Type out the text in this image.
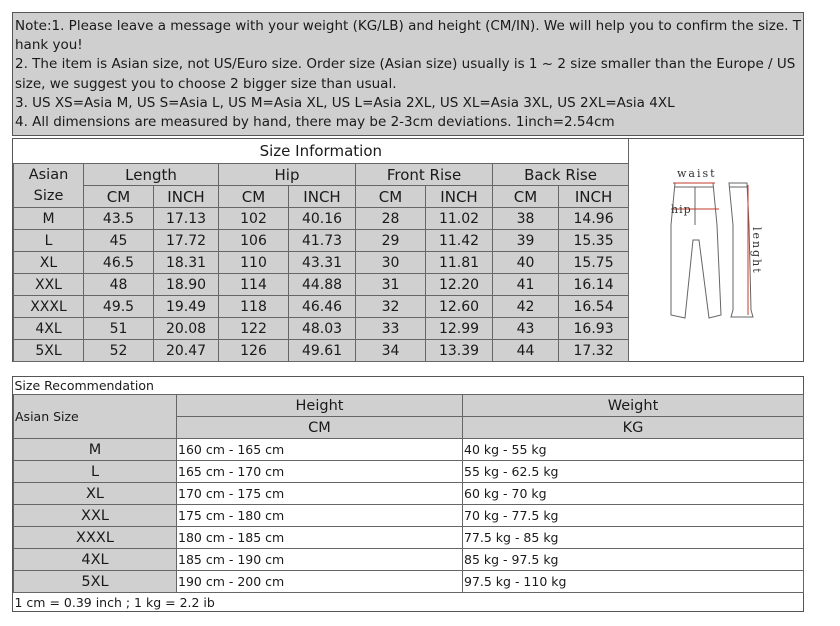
Note:1. Please leave a message with your weight (KG/LB) and height (CM/IN). We will help you to confirm the size. Thank you!

2. The item is Asian size, not US/Euro size. Order size (Asian size) usually is 1 ~ 2 size smaller than the Europe / US size, we suggest you to choose 2 bigger size than usual.

3. US XS=Asia M, US S=Asia L, US M=Asia XL, US L=Asia 2XL, US XL=Asia 3XL, US 2XL=Asia 4XL

4. All dimensions are measured by hand, there may be 2-3cm deviations. 1inch=2.54cm

Size Information								
Asian Size	Length		Hip		Front Rise		Back Rise	
	CM	INCH	CM	INCH	CM	INCH	CM	INCH
M	43.5	17.13	102	40.16	28	11.02	38	14.96
L	45	17.72	106	41.73	29	11.42	39	15.35
XL	46.5	18.31	110	43.31	30	11.81	40	15.75
XXL	48	18.90	114	44.88	31	12.20	41	16.14
XXXL	49.5	19.49	118	46.46	32	12.60	42	16.54
4XL	51	20.08	122	48.03	33	12.99	43	16.93
5XL	52	20.47	126	49.61	34	13.39	44	17.32
waist
hip
lenght
Size Recommendation		
Asian Size	Height	Weight
	CM	KG
M	160 cm - 165 cm	40 kg - 55 kg
L	165 cm - 170 cm	55 kg - 62.5 kg
XL	170 cm - 175 cm	60 kg - 70 kg
XXL	175 cm - 180 cm	70 kg - 77.5 kg
XXXL	180 cm - 185 cm	77.5 kg - 85 kg
4XL	185 cm - 190 cm	85 kg - 97.5 kg
5XL	190 cm - 200 cm	97.5 kg - 110 kg
1 cm = 0.39 inch ; 1 kg = 2.2 ib		
